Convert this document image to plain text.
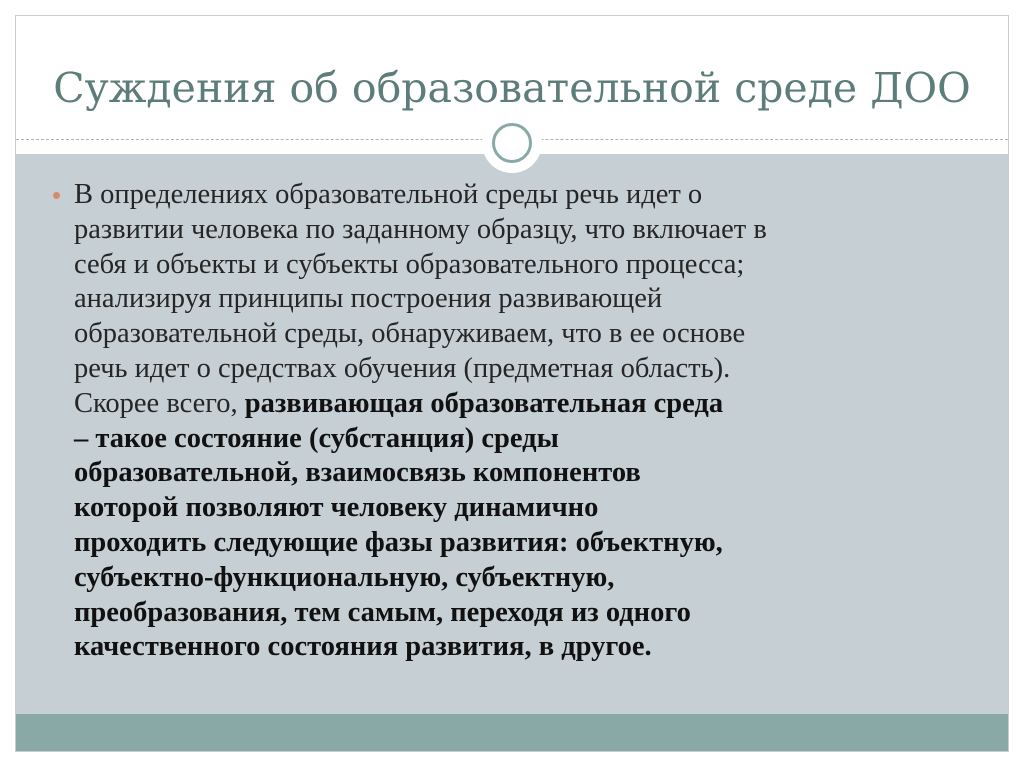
Суждения об образовательной среде ДОО
В определениях образовательной среды речь идет о
развитии человека по заданному образцу, что включает в
себя и объекты и субъекты образовательного процесса;
анализируя принципы построения развивающей
образовательной среды, обнаруживаем, что в ее основе
речь идет о средствах обучения (предметная область).
Скорее всего, развивающая образовательная среда
– такое состояние (субстанция) среды
образовательной, взаимосвязь компонентов
которой позволяют человеку динамично
проходить следующие фазы развития: объектную,
субъектно-функциональную, субъектную,
преобразования, тем самым, переходя из одного
качественного состояния развития, в другое.
